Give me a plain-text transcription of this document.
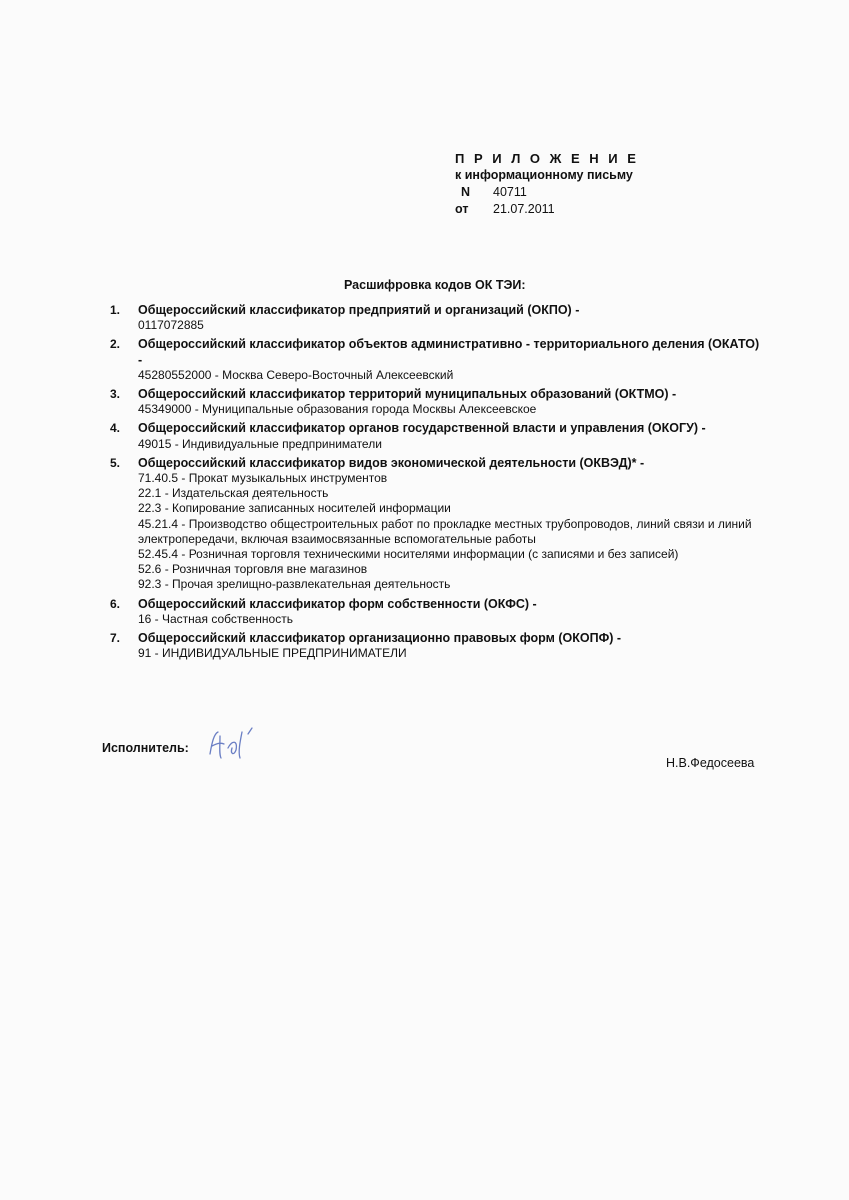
П Р И Л О Ж Е Н И Е
к информационному письму
N	40711
от	21.07.2011
Расшифровка кодов ОК ТЭИ:
1. Общероссийский классификатор предприятий и организаций (ОКПО) -
0117072885
2. Общероссийский классификатор объектов административно - территориального деления (ОКАТО) -
45280552000 - Москва Северо-Восточный Алексеевский
3. Общероссийский классификатор территорий муниципальных образований (ОКТМО) -
45349000 - Муниципальные образования города Москвы Алексеевское
4. Общероссийский классификатор органов государственной власти и управления (ОКОГУ) -
49015 - Индивидуальные предприниматели
5. Общероссийский классификатор видов экономической деятельности (ОКВЭД)* -
71.40.5 - Прокат музыкальных инструментов
22.1 - Издательская деятельность
22.3 - Копирование записанных носителей информации
45.21.4 - Производство общестроительных работ по прокладке местных трубопроводов, линий связи и линий электропередачи, включая взаимосвязанные вспомогательные работы
52.45.4 - Розничная торговля техническими носителями информации (с записями и без записей)
52.6 - Розничная торговля вне магазинов
92.3 - Прочая зрелищно-развлекательная деятельность
6. Общероссийский классификатор форм собственности (ОКФС) -
16 - Частная собственность
7. Общероссийский классификатор организационно правовых форм (ОКОПФ) -
91 - ИНДИВИДУАЛЬНЫЕ ПРЕДПРИНИМАТЕЛИ
Исполнитель:
Н.В.Федосеева
